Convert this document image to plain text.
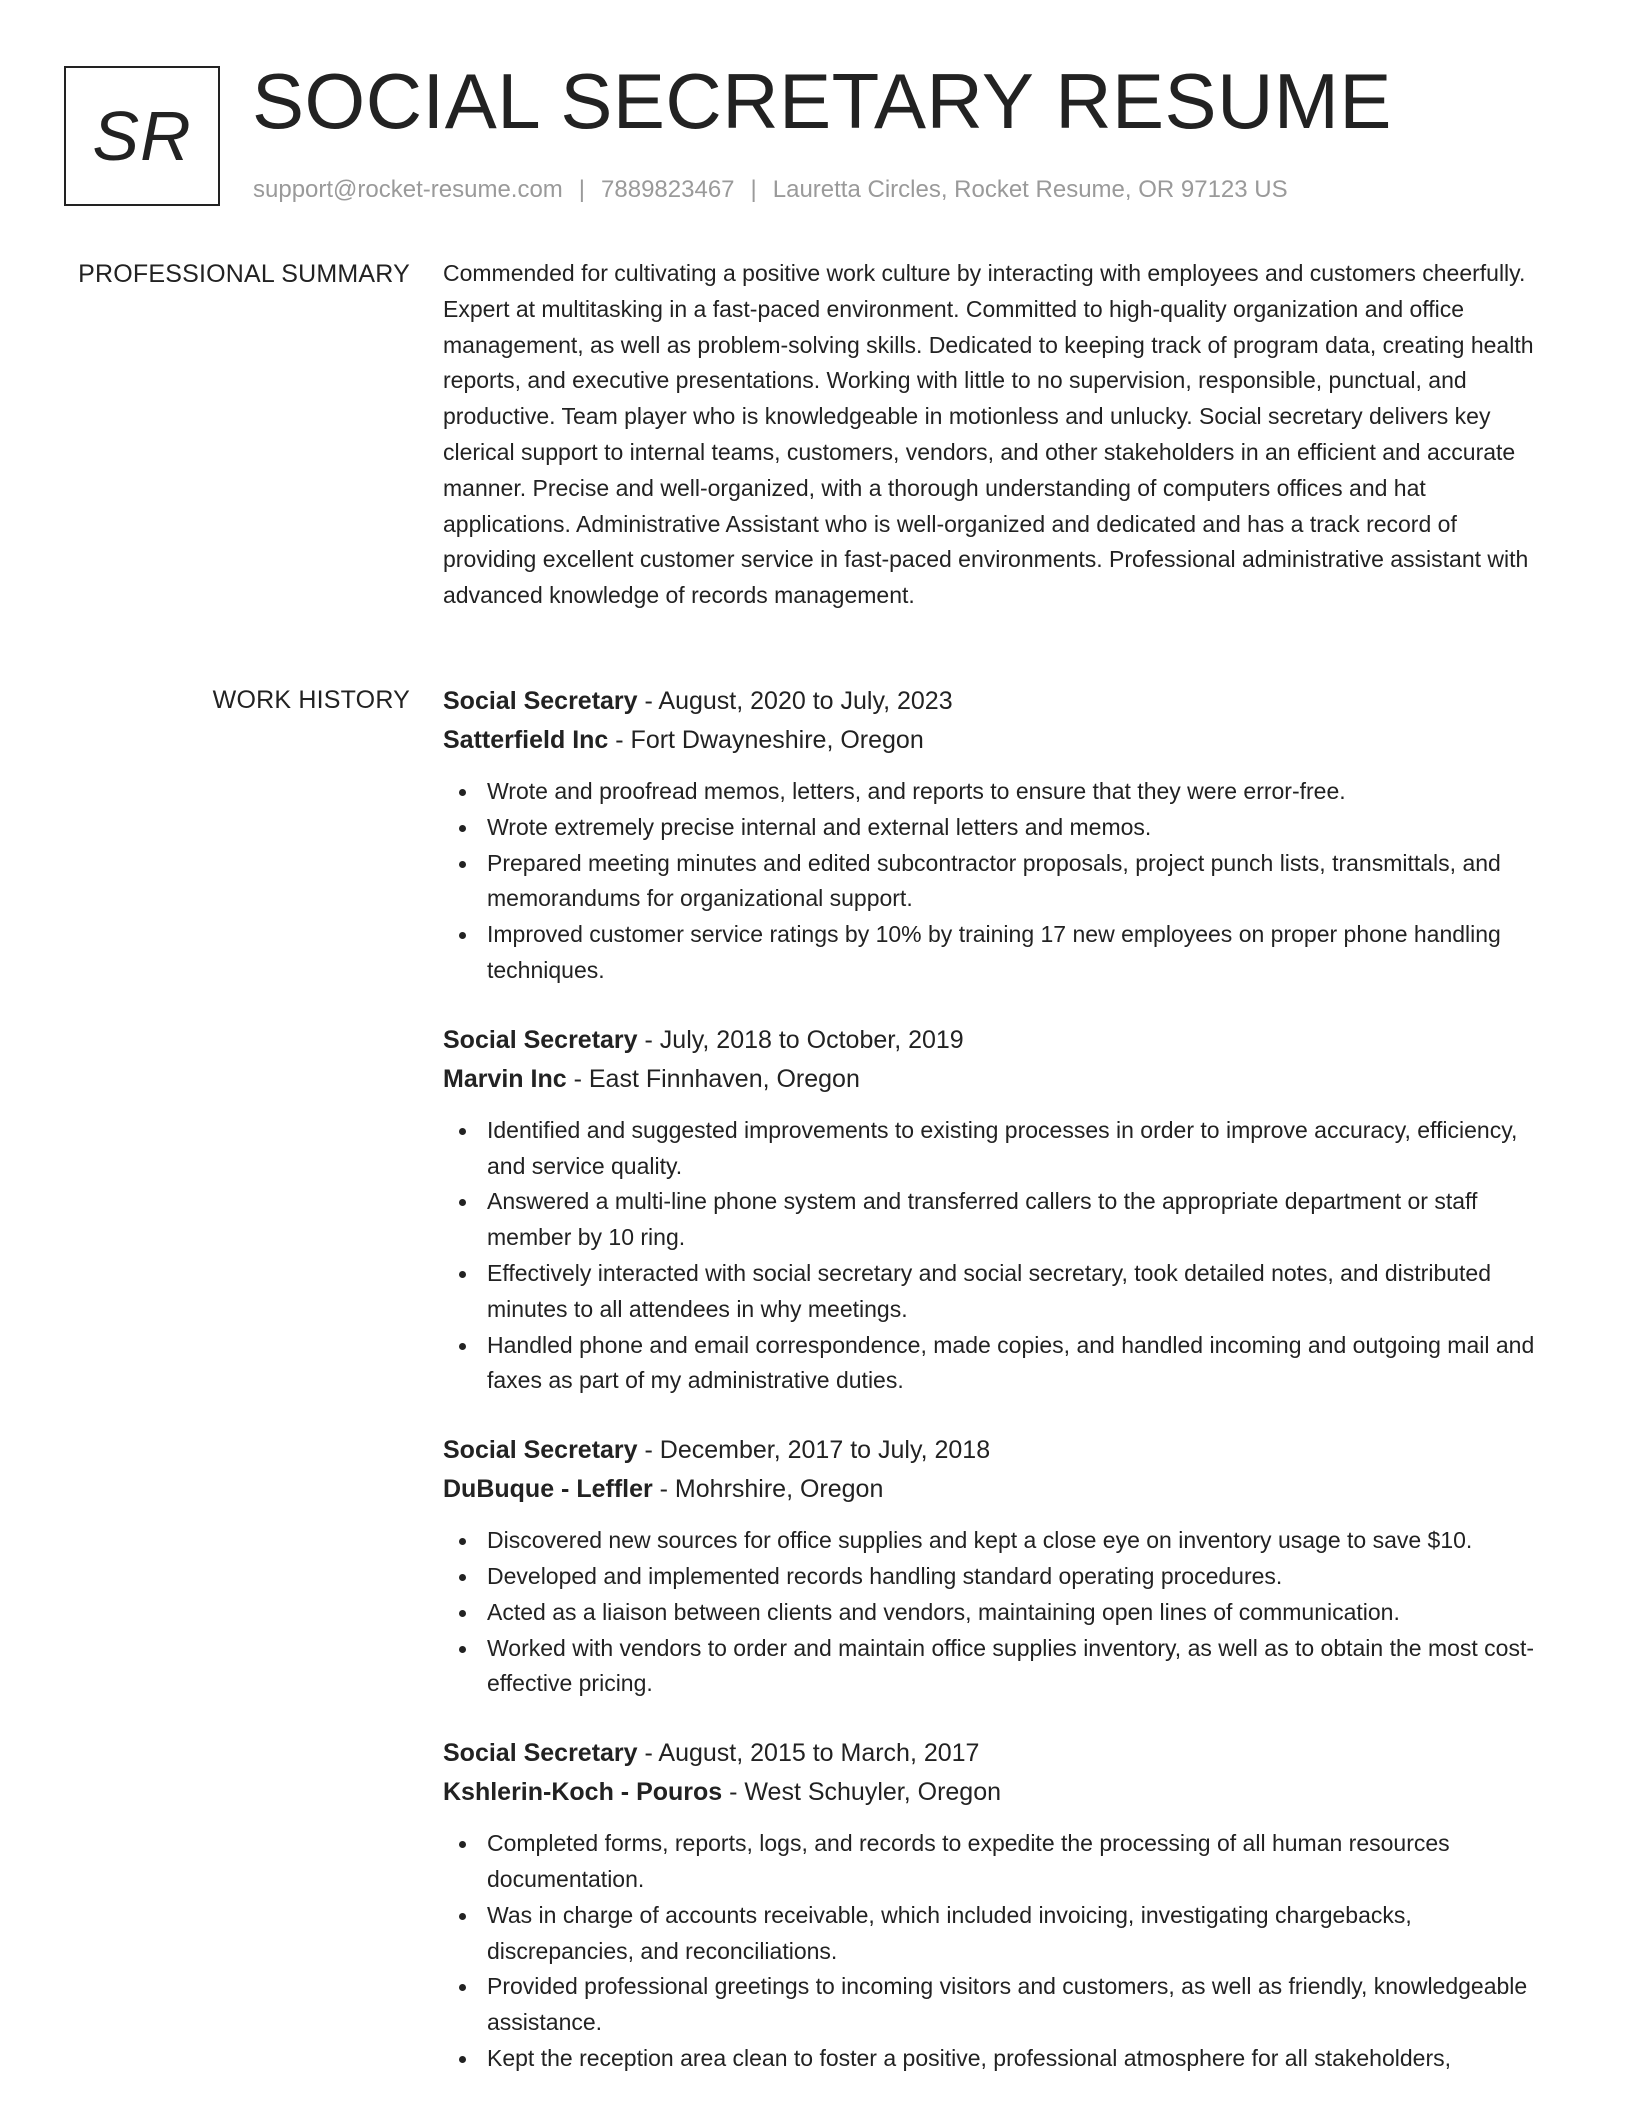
SR SOCIAL SECRETARY RESUME
support@rocket-resume.com | 7889823467 | Lauretta Circles, Rocket Resume, OR 97123 US
PROFESSIONAL SUMMARY Commended for cultivating a positive work culture by interacting with employees and customers cheerfully. Expert at multitasking in a fast-paced environment. Committed to high-quality organization and office management, as well as problem-solving skills. Dedicated to keeping track of program data, creating health reports, and executive presentations. Working with little to no supervision, responsible, punctual, and productive. Team player who is knowledgeable in motionless and unlucky. Social secretary delivers key clerical support to internal teams, customers, vendors, and other stakeholders in an efficient and accurate manner. Precise and well-organized, with a thorough understanding of computers offices and hat applications. Administrative Assistant who is well-organized and dedicated and has a track record of providing excellent customer service in fast-paced environments. Professional administrative assistant with advanced knowledge of records management.

WORK HISTORY Social Secretary - August, 2020 to July, 2023
Satterfield Inc - Fort Dwayneshire, Oregon
Wrote and proofread memos, letters, and reports to ensure that they were error-free.
Wrote extremely precise internal and external letters and memos.
Prepared meeting minutes and edited subcontractor proposals, project punch lists, transmittals, and memorandums for organizational support.
Improved customer service ratings by 10% by training 17 new employees on proper phone handling techniques.
Social Secretary - July, 2018 to October, 2019
Marvin Inc - East Finnhaven, Oregon
Identified and suggested improvements to existing processes in order to improve accuracy, efficiency, and service quality.
Answered a multi-line phone system and transferred callers to the appropriate department or staff member by 10 ring.
Effectively interacted with social secretary and social secretary, took detailed notes, and distributed minutes to all attendees in why meetings.
Handled phone and email correspondence, made copies, and handled incoming and outgoing mail and faxes as part of my administrative duties.
Social Secretary - December, 2017 to July, 2018
DuBuque - Leffler - Mohrshire, Oregon
Discovered new sources for office supplies and kept a close eye on inventory usage to save $10.
Developed and implemented records handling standard operating procedures.
Acted as a liaison between clients and vendors, maintaining open lines of communication.
Worked with vendors to order and maintain office supplies inventory, as well as to obtain the most cost-effective pricing.
Social Secretary - August, 2015 to March, 2017
Kshlerin-Koch - Pouros - West Schuyler, Oregon
Completed forms, reports, logs, and records to expedite the processing of all human resources documentation.
Was in charge of accounts receivable, which included invoicing, investigating chargebacks, discrepancies, and reconciliations.
Provided professional greetings to incoming visitors and customers, as well as friendly, knowledgeable assistance.
Kept the reception area clean to foster a positive, professional atmosphere for all stakeholders,
